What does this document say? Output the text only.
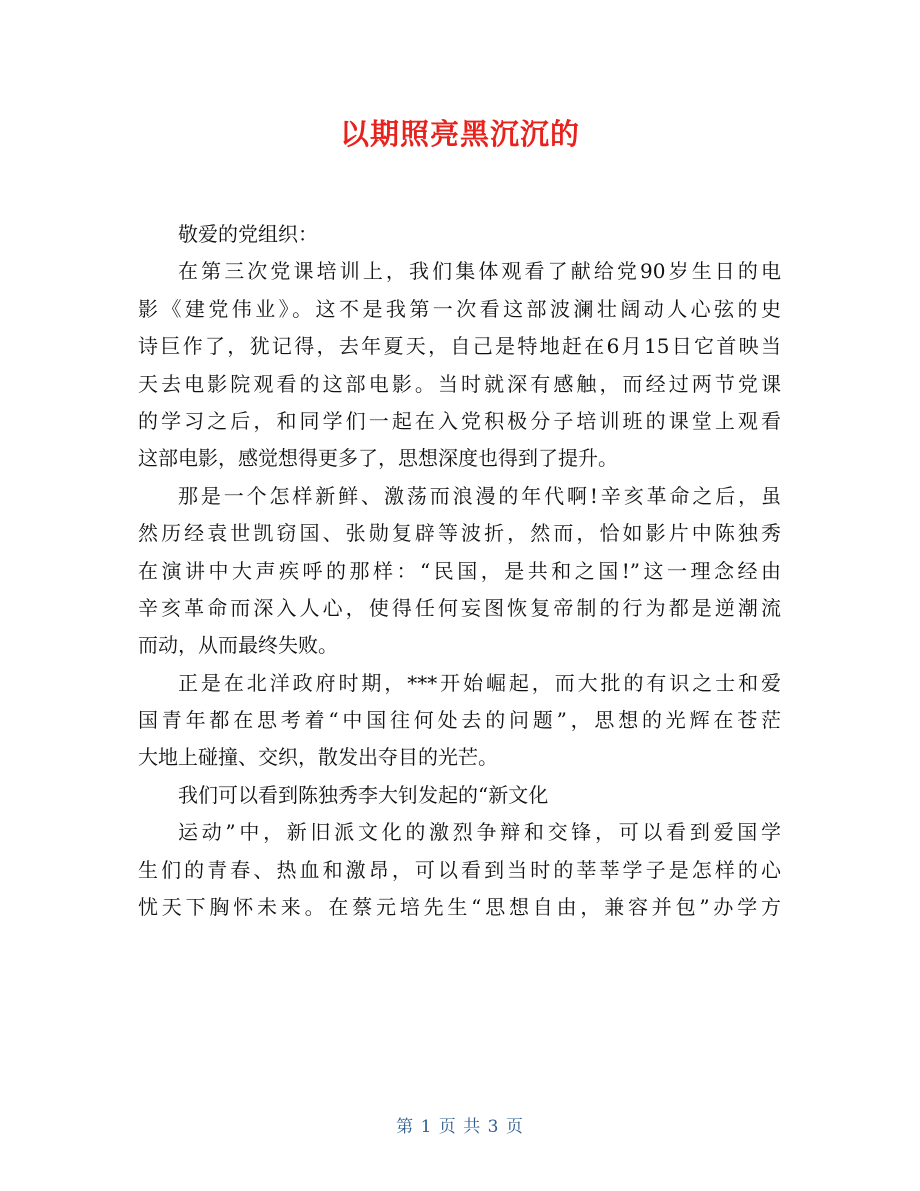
以期照亮黑沉沉的

敬爱的党组织：

在第三次党课培训上，我们集体观看了献给党90岁生日的电

影《建党伟业》。这不是我第一次看这部波澜壮阔动人心弦的史

诗巨作了，犹记得，去年夏天，自己是特地赶在6月15日它首映当

天去电影院观看的这部电影。当时就深有感触，而经过两节党课

的学习之后，和同学们一起在入党积极分子培训班的课堂上观看

这部电影，感觉想得更多了，思想深度也得到了提升。

那是一个怎样新鲜、激荡而浪漫的年代啊!辛亥革命之后，虽

然历经袁世凯窃国、张勋复辟等波折，然而，恰如影片中陈独秀

在演讲中大声疾呼的那样：“民国，是共和之国!”这一理念经由

辛亥革命而深入人心，使得任何妄图恢复帝制的行为都是逆潮流

而动，从而最终失败。

正是在北洋政府时期，***开始崛起，而大批的有识之士和爱

国青年都在思考着“中国往何处去的问题”，思想的光辉在苍茫

大地上碰撞、交织，散发出夺目的光芒。

我们可以看到陈独秀李大钊发起的“新文化

运动”中，新旧派文化的激烈争辩和交锋，可以看到爱国学

生们的青春、热血和激昂，可以看到当时的莘莘学子是怎样的心

忧天下胸怀未来。在蔡元培先生“思想自由，兼容并包”办学方

第 1 页 共 3 页
